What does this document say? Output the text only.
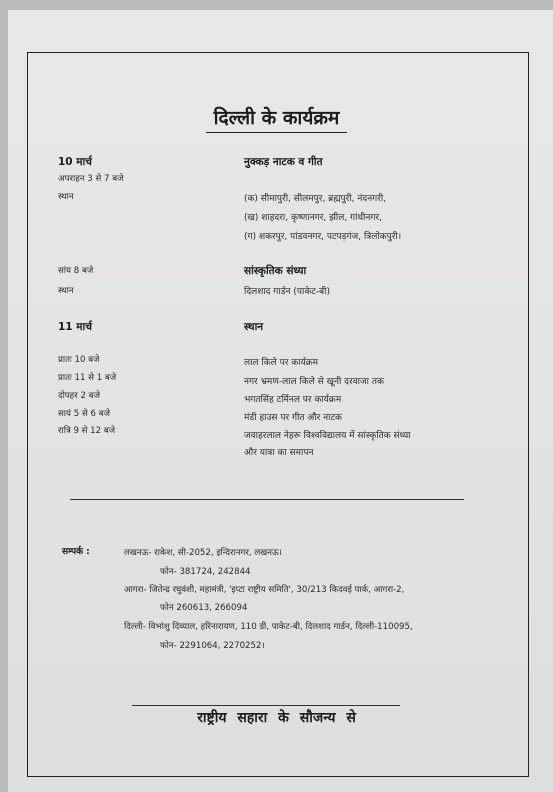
दिल्ली के कार्यक्रम
10 मार्च	नुक्कड़ नाटक व गीत
अपराहन 3 से 7 बजे
स्थान	(क) सीमापुरी, सीलमपुर, ब्रह्मपुरी, नंदनगरी,
(ख) शाहदरा, कृष्णानगर, झील, गांधीनगर,
(ग) शकरपुर, पांडवनगर, पटपड़गंज, त्रिलोकपुरी।
सांय 8 बजे	सांस्कृतिक संध्या
स्थान	दिलशाद गार्डन (पाकेट-बी)
11 मार्च	स्थान
प्रातः 10 बजे	लाल किले पर कार्यक्रम
प्रातः 11 से 1 बजे	नगर भ्रमण-लाल किले से खूनी दरवाजा तक
दोपहर 2 बजे	भगतसिंह टर्मिनल पर कार्यक्रम
सायं 5 से 6 बजे	मंडी हाउस पर गीत और नाटक
रात्रि 9 से 12 बजे	जवाहरलाल नेहरू विश्वविद्यालय में सांस्कृतिक संध्या
और यात्रा का समापन
सम्पर्क :	लखनऊ- राकेश, सी-2052, इन्दिरानगर, लखनऊ।
फोन- 381724, 242844
आगरा- जितेन्द्र रघुवंशी, महामंत्री, 'इप्टा राष्ट्रीय समिति', 30/213 किदवई पार्क, आगरा-2,
फोन 260613, 266094
दिल्ली- विभांशु दिव्याल, हरिनारायण, 110 डी, पाकेट-बी, दिलशाद गार्डन, दिल्ली-110095,
फोन- 2291064, 2270252।
राष्ट्रीय सहारा के सौजन्य से
